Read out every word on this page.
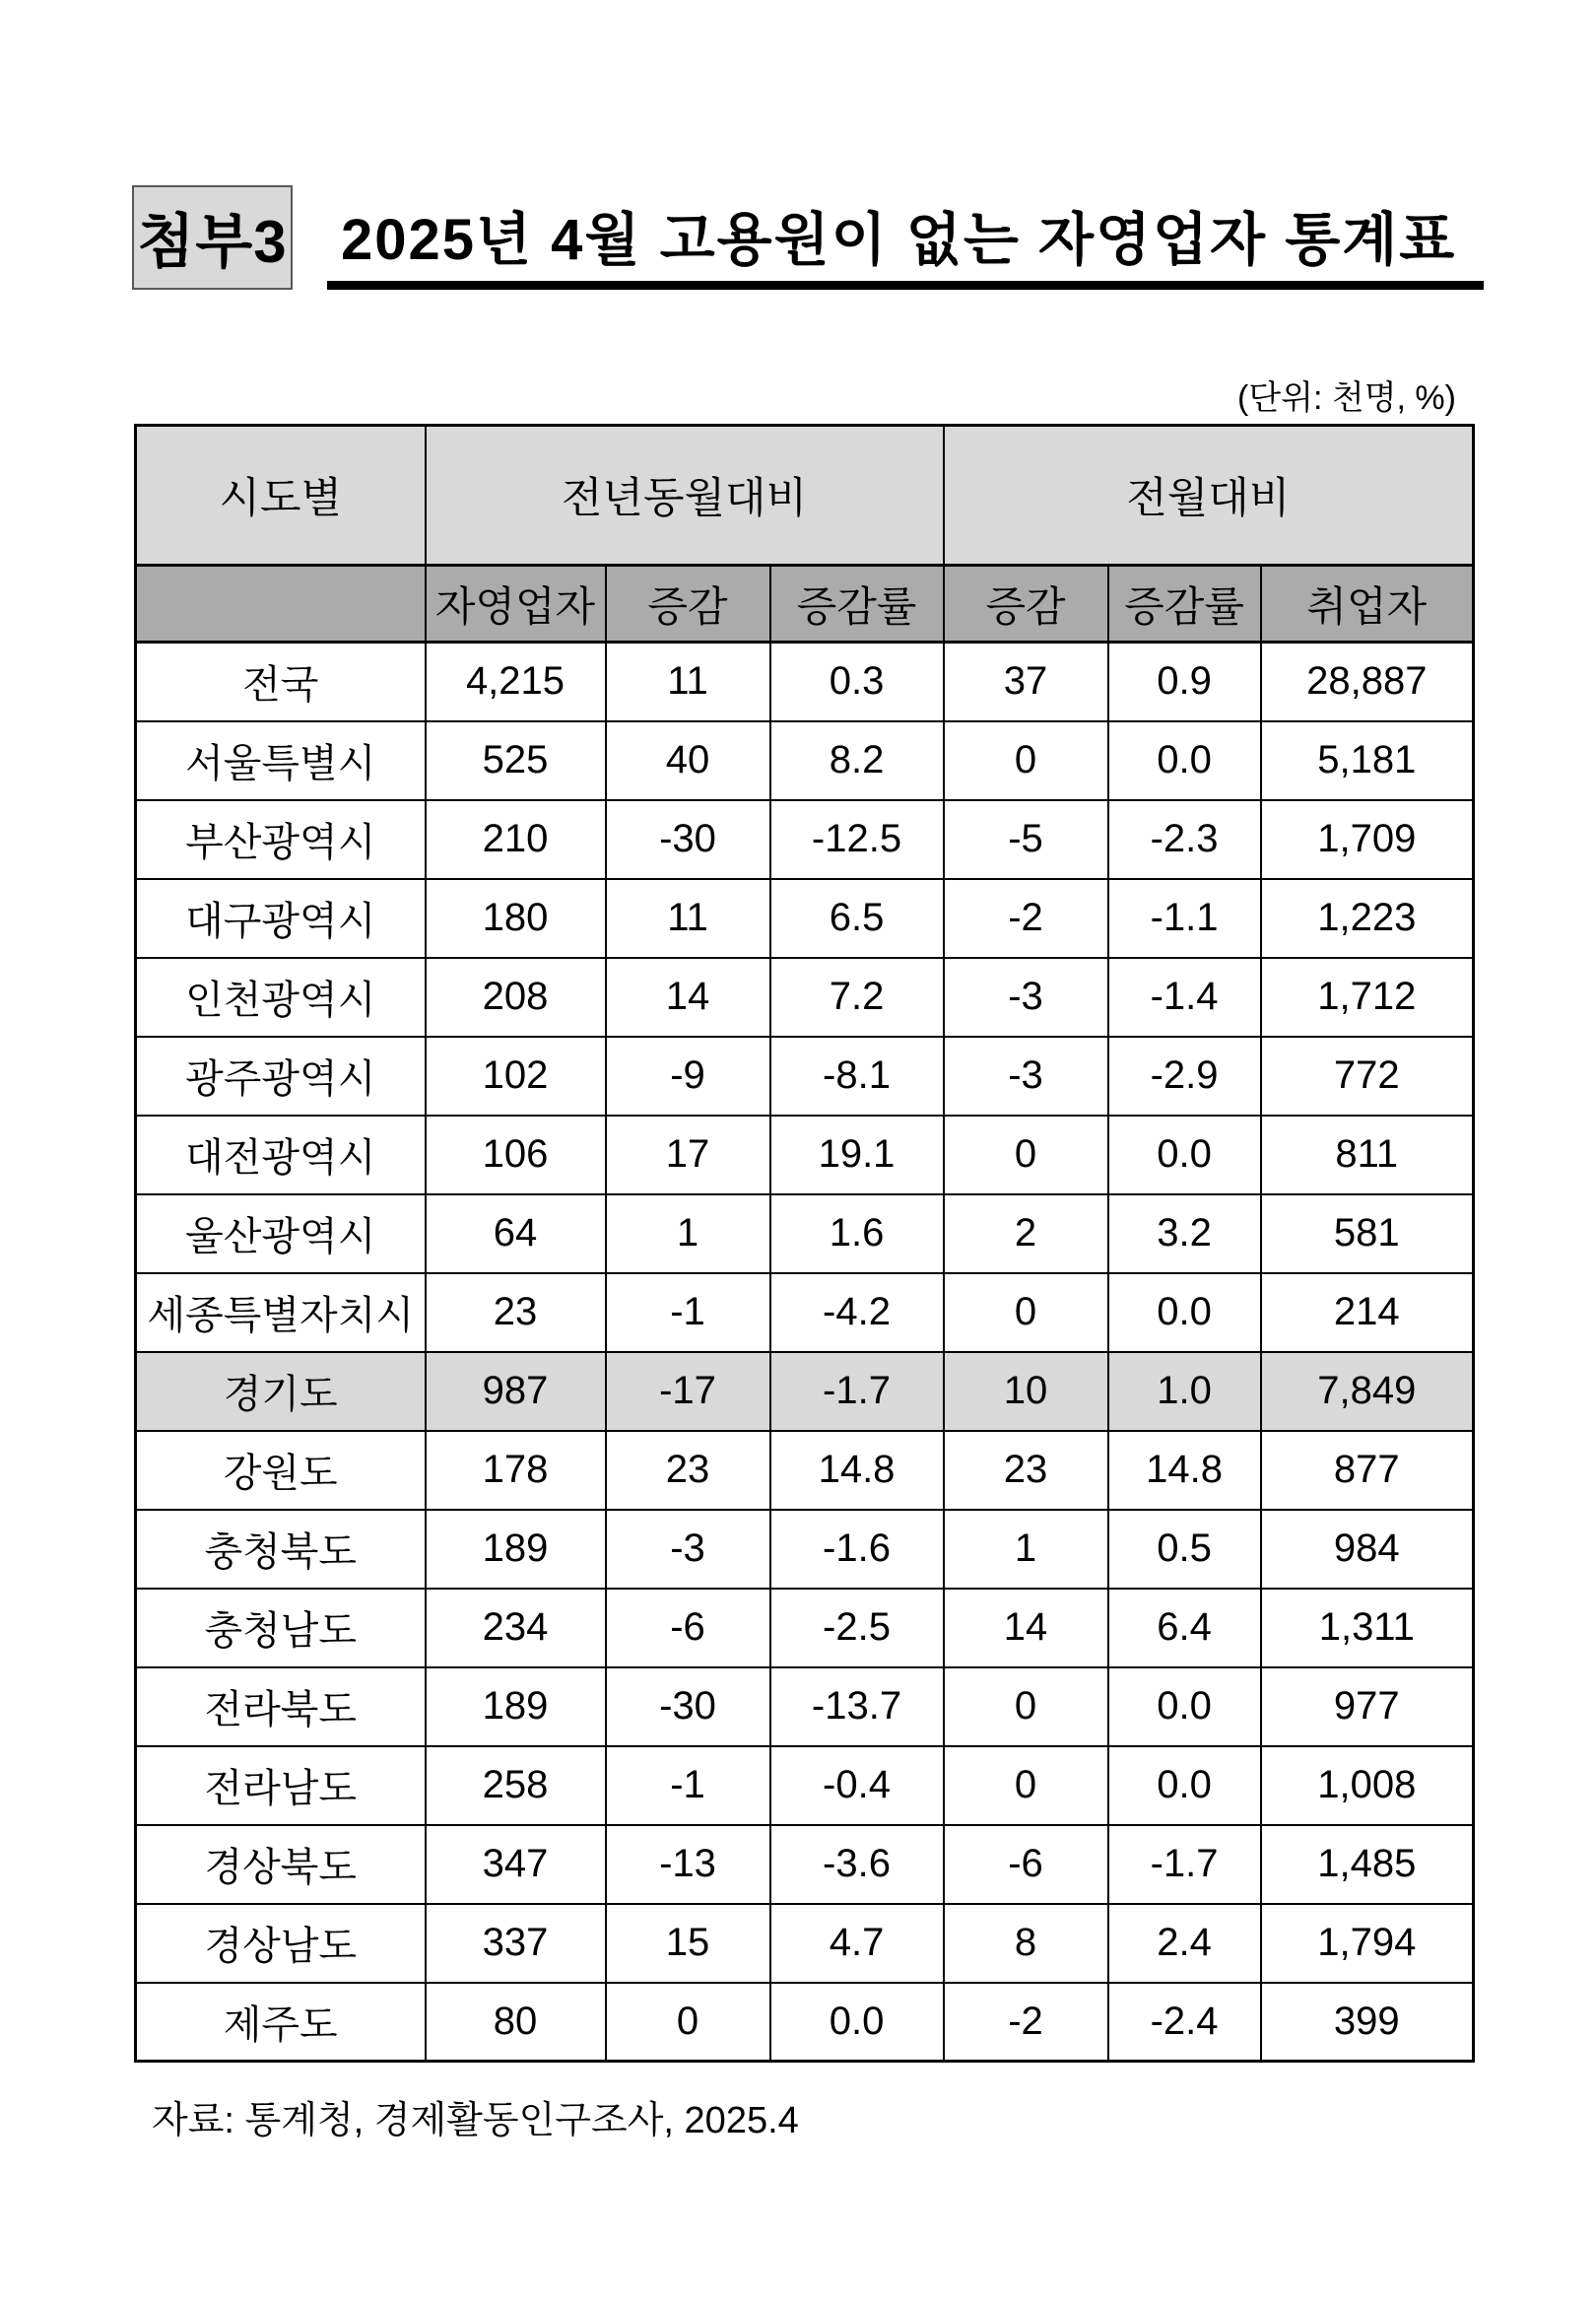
첨부3 2025년 4월 고용원이 없는 자영업자 통계표
(단위: 천명, %)
시도별	전년동월대비			전월대비		
	자영업자	증감	증감률	증감	증감률	취업자
전국	4,215	11	0.3	37	0.9	28,887
서울특별시	525	40	8.2	0	0.0	5,181
부산광역시	210	-30	-12.5	-5	-2.3	1,709
대구광역시	180	11	6.5	-2	-1.1	1,223
인천광역시	208	14	7.2	-3	-1.4	1,712
광주광역시	102	-9	-8.1	-3	-2.9	772
대전광역시	106	17	19.1	0	0.0	811
울산광역시	64	1	1.6	2	3.2	581
세종특별자치시	23	-1	-4.2	0	0.0	214
경기도	987	-17	-1.7	10	1.0	7,849
강원도	178	23	14.8	23	14.8	877
충청북도	189	-3	-1.6	1	0.5	984
충청남도	234	-6	-2.5	14	6.4	1,311
전라북도	189	-30	-13.7	0	0.0	977
전라남도	258	-1	-0.4	0	0.0	1,008
경상북도	347	-13	-3.6	-6	-1.7	1,485
경상남도	337	15	4.7	8	2.4	1,794
제주도	80	0	0.0	-2	-2.4	399
자료: 통계청, 경제활동인구조사, 2025.4
